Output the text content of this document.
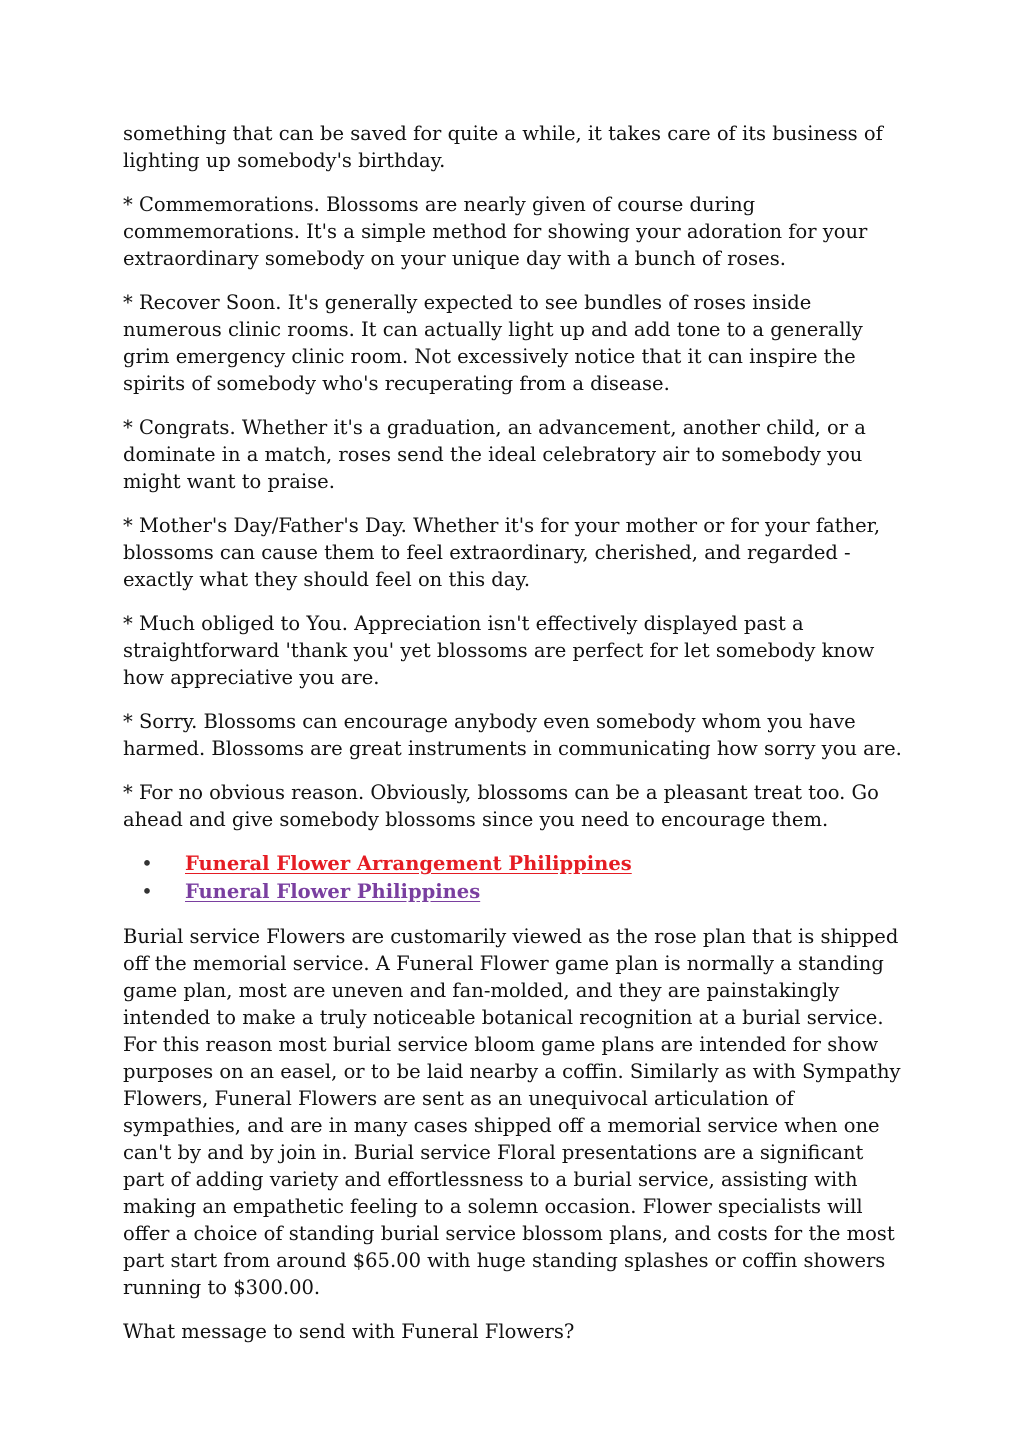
something that can be saved for quite a while, it takes care of its business of lighting up somebody's birthday.

* Commemorations. Blossoms are nearly given of course during commemorations. It's a simple method for showing your adoration for your extraordinary somebody on your unique day with a bunch of roses.

* Recover Soon. It's generally expected to see bundles of roses inside numerous clinic rooms. It can actually light up and add tone to a generally grim emergency clinic room. Not excessively notice that it can inspire the spirits of somebody who's recuperating from a disease.

* Congrats. Whether it's a graduation, an advancement, another child, or a dominate in a match, roses send the ideal celebratory air to somebody you might want to praise.

* Mother's Day/Father's Day. Whether it's for your mother or for your father, blossoms can cause them to feel extraordinary, cherished, and regarded - exactly what they should feel on this day.

* Much obliged to You. Appreciation isn't effectively displayed past a straightforward 'thank you' yet blossoms are perfect for let somebody know how appreciative you are.

* Sorry. Blossoms can encourage anybody even somebody whom you have harmed. Blossoms are great instruments in communicating how sorry you are.

* For no obvious reason. Obviously, blossoms can be a pleasant treat too. Go ahead and give somebody blossoms since you need to encourage them.

• Funeral Flower Arrangement Philippines
• Funeral Flower Philippines

Burial service Flowers are customarily viewed as the rose plan that is shipped off the memorial service. A Funeral Flower game plan is normally a standing game plan, most are uneven and fan-molded, and they are painstakingly intended to make a truly noticeable botanical recognition at a burial service. For this reason most burial service bloom game plans are intended for show purposes on an easel, or to be laid nearby a coffin. Similarly as with Sympathy Flowers, Funeral Flowers are sent as an unequivocal articulation of sympathies, and are in many cases shipped off a memorial service when one can't by and by join in. Burial service Floral presentations are a significant part of adding variety and effortlessness to a burial service, assisting with making an empathetic feeling to a solemn occasion. Flower specialists will offer a choice of standing burial service blossom plans, and costs for the most part start from around $65.00 with huge standing splashes or coffin showers running to $300.00.

What message to send with Funeral Flowers?
